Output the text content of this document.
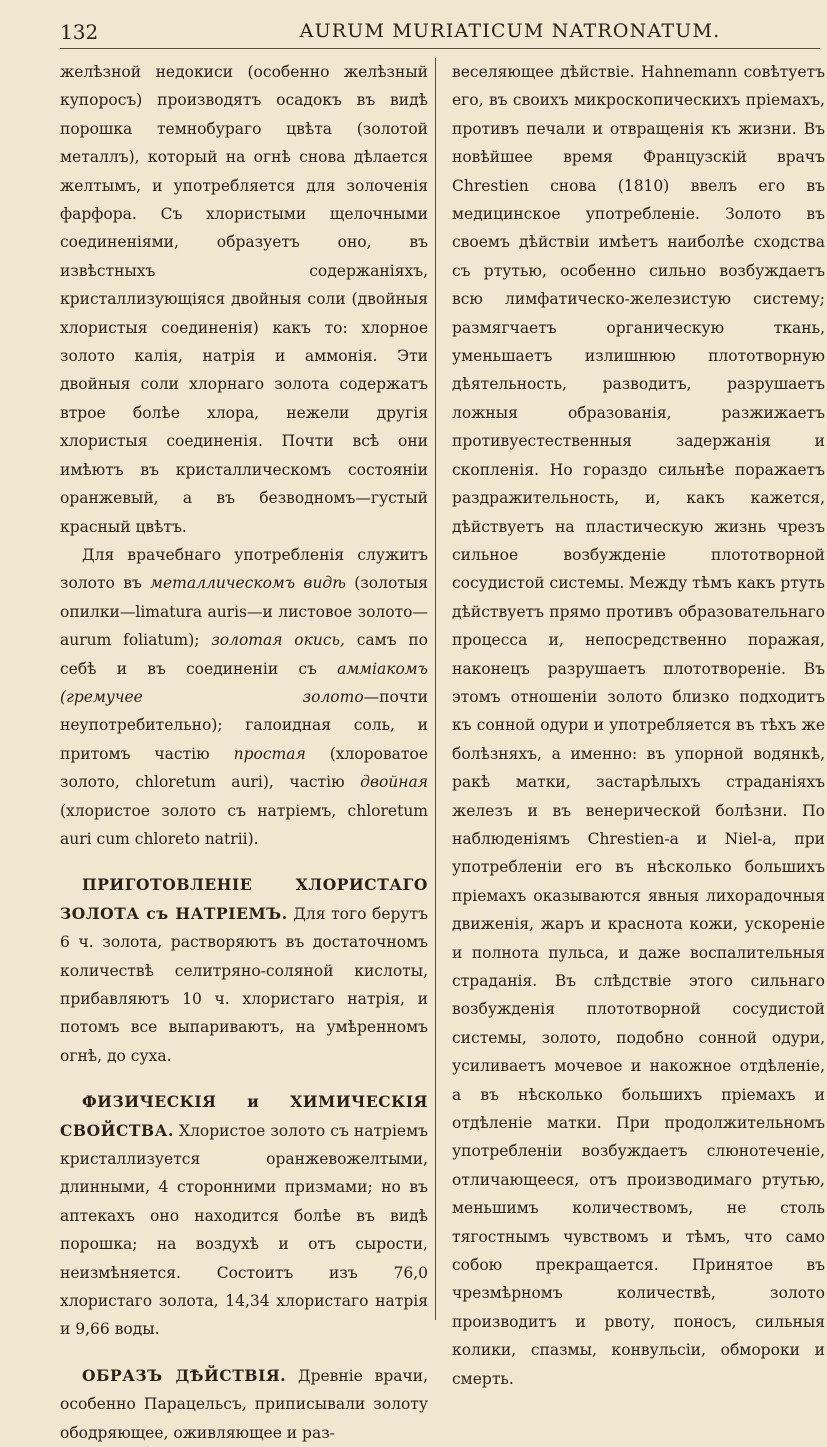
132	AURUM MURIATICUM NATRONATUM.

желѣзной недокиси (особенно желѣзный купоросъ) производятъ осадокъ въ видѣ порошка темнобураго цвѣта (золотой металлъ), который на огнѣ снова дѣлается желтымъ, и употребляется для золоченія фарфора. Съ хлористыми щелочными соединеніями, образуетъ оно, въ извѣстныхъ содержаніяхъ, кристаллизующіяся двойныя соли (двойныя хлористыя соединенія) какъ то: хлорное золото калія, натрія и аммонія. Эти двойныя соли хлорнаго золота содержатъ втрое болѣе хлора, нежели другія хлористыя соединенія. Почти всѣ они имѣютъ въ кристаллическомъ состояніи оранжевый, а въ безводномъ—густый красный цвѣтъ.

Для врачебнаго употребленія служитъ золото въ металлическомъ видѣ (золотыя опилки—limatura auris—и листовое золото—aurum foliatum); золотая окись, самъ по себѣ и въ соединеніи съ амміакомъ (гремучее золото—почти неупотребительно); галоидная соль, и притомъ частію простая (хлороватое золото, chloretum auri), частію двойная (хлористое золото съ натріемъ, chloretum auri cum chloreto natrii).

ПРИГОТОВЛЕНІЕ ХЛОРИСТАГО ЗОЛОТА съ НАТРІЕМЪ. Для того берутъ 6 ч. золота, растворяютъ въ достаточномъ количествѣ селитряно-соляной кислоты, прибавляютъ 10 ч. хлористаго натрія, и потомъ все выпариваютъ, на умѣренномъ огнѣ, до суха.

ФИЗИЧЕСКІЯ и ХИМИЧЕСКІЯ СВОЙСТВА. Хлористое золото съ натріемъ кристаллизуется оранжевожелтыми, длинными, 4 сторонними призмами; но въ аптекахъ оно находится болѣе въ видѣ порошка; на воздухѣ и отъ сырости, неизмѣняется. Состоитъ изъ 76,0 хлористаго золота, 14,34 хлористаго натрія и 9,66 воды.

ОБРАЗЪ ДѢЙСТВІЯ. Древніе врачи, особенно Парацельсъ, приписывали золоту ободряющее, оживляющее и раз-

веселяющее дѣйствіе. Hahnemann совѣтуетъ его, въ своихъ микроскопическихъ пріемахъ, противъ печали и отвращенія къ жизни. Въ новѣйшее время Французскій врачъ Chrestien снова (1810) ввелъ его въ медицинское употребленіе. Золото въ своемъ дѣйствіи имѣетъ наиболѣе сходства съ ртутью, особенно сильно возбуждаетъ всю лимфатическо-железистую систему; размягчаетъ органическую ткань, уменьшаетъ излишнюю плототворную дѣятельность, разводитъ, разрушаетъ ложныя образованія, разжижаетъ противуестественныя задержанія и скопленія. Но гораздо сильнѣе поражаетъ раздражительность, и, какъ кажется, дѣйствуетъ на пластическую жизнь чрезъ сильное возбужденіе плототворной сосудистой системы. Между тѣмъ какъ ртуть дѣйствуетъ прямо противъ образовательнаго процесса и, непосредственно поражая, наконецъ разрушаетъ плототвореніе. Въ этомъ отношеніи золото близко подходитъ къ сонной одури и употребляется въ тѣхъ же болѣзняхъ, а именно: въ упорной водянкѣ, ракѣ матки, застарѣлыхъ страданіяхъ железъ и въ венерической болѣзни. По наблюденіямъ Chrestien-а и Niel-а, при употребленіи его въ нѣсколько большихъ пріемахъ оказываются явныя лихорадочныя движенія, жаръ и краснота кожи, ускореніе и полнота пульса, и даже воспалительныя страданія. Въ слѣдствіе этого сильнаго возбужденія плототворной сосудистой системы, золото, подобно сонной одури, усиливаетъ мочевое и накожное отдѣленіе, а въ нѣсколько большихъ пріемахъ и отдѣленіе матки. При продолжительномъ употребленіи возбуждаетъ слюнотеченіе, отличающееся, отъ производимаго ртутью, меньшимъ количествомъ, не столь тягостнымъ чувствомъ и тѣмъ, что само собою прекращается. Принятое въ чрезмѣрномъ количествѣ, золото производитъ и рвоту, поносъ, сильныя колики, спазмы, конвульсіи, обмороки и смерть.
